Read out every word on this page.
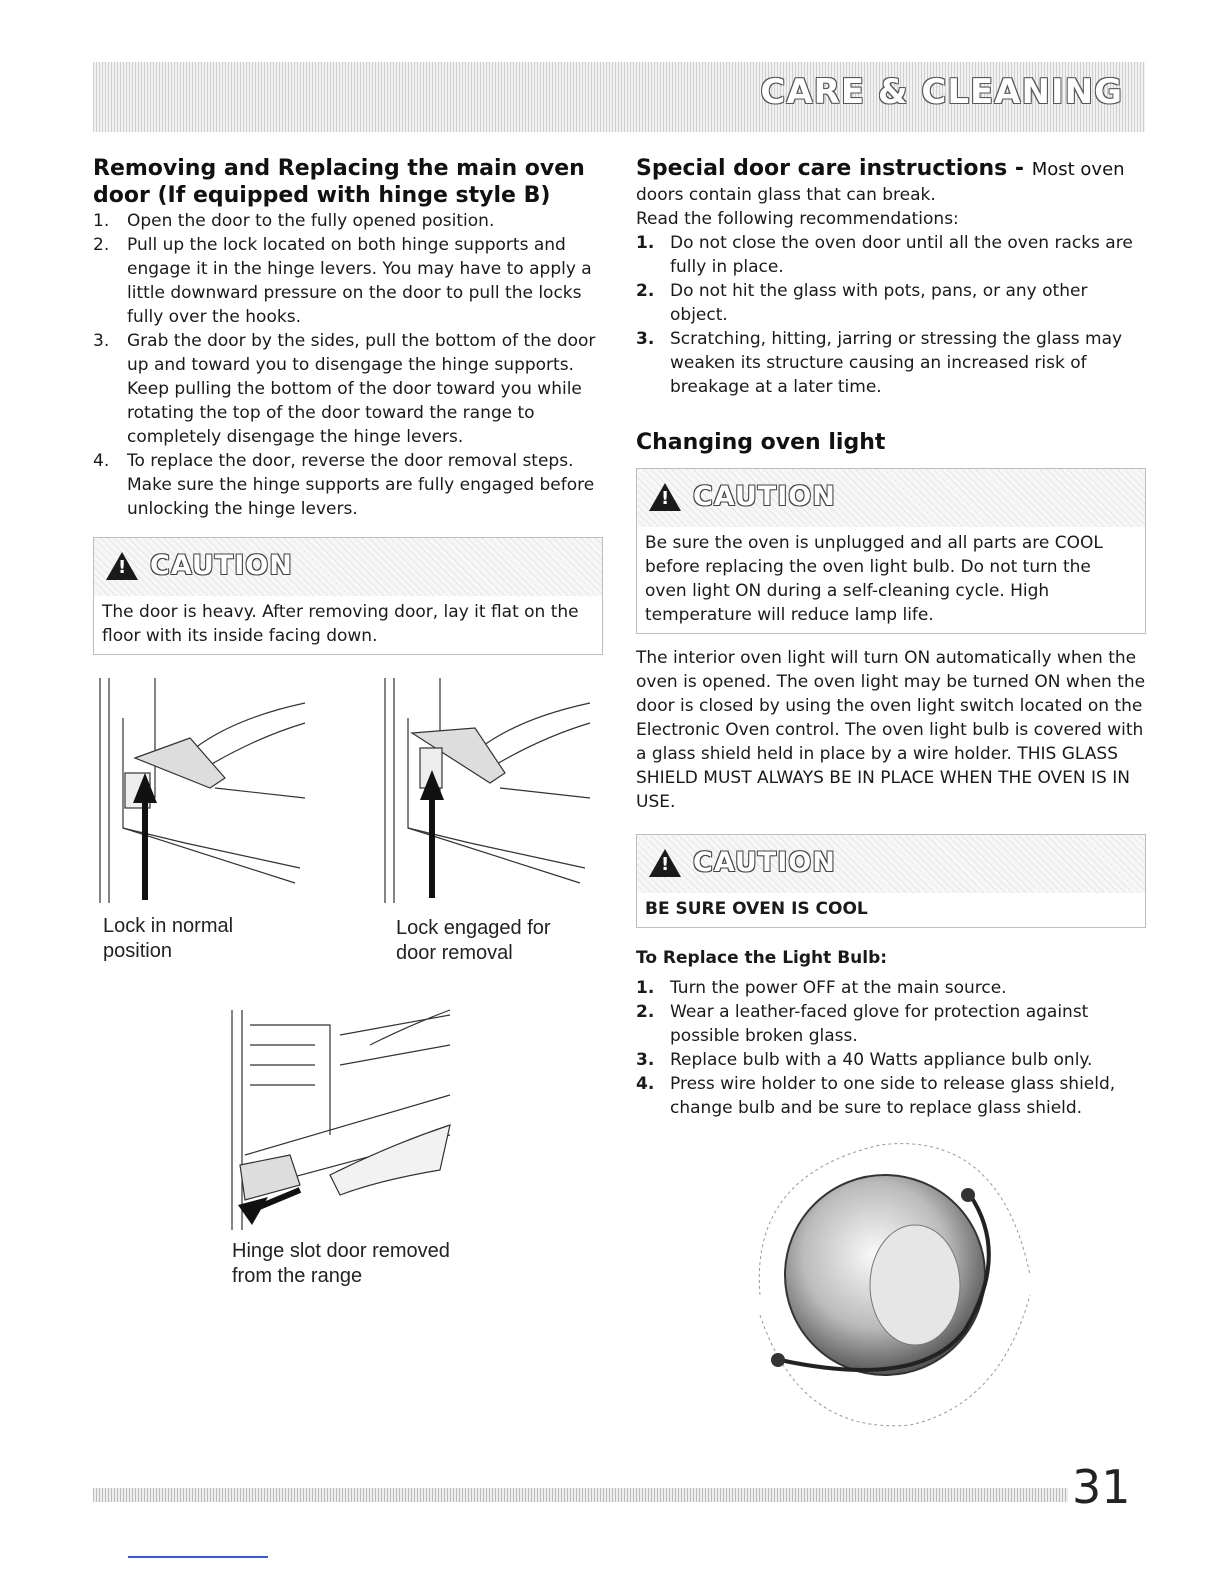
CARE & CLEANING
Removing and Replacing the main oven door (If equipped with hinge style B)
1.	Open the door to the fully opened position.
2.	Pull up the lock located on both hinge supports and engage it in the hinge levers. You may have to apply a little downward pressure on the door to pull the locks fully over the hooks.
3.	Grab the door by the sides, pull the bottom of the door up and toward you to disengage the hinge supports. Keep pulling the bottom of the door toward you while rotating the top of the door toward the range to completely disengage the hinge levers.
4.	To replace the door, reverse the door removal steps. Make sure the hinge supports are fully engaged before unlocking the hinge levers.
! CAUTION
The door is heavy. After removing door, lay it flat on the floor with its inside facing down.
Lock in normal position
Lock engaged for door removal
Hinge slot door removed from the range
Special door care instructions - Most oven

doors contain glass that can break.

Read the following recommendations:

1. Do not close the oven door until all the oven racks are fully in place.
2. Do not hit the glass with pots, pans, or any other object.
3. Scratching, hitting, jarring or stressing the glass may weaken its structure causing an increased risk of breakage at a later time.
Changing oven light
! CAUTION
Be sure the oven is unplugged and all parts are COOL before replacing the oven light bulb. Do not turn the oven light ON during a self-cleaning cycle. High temperature will reduce lamp life.

The interior oven light will turn ON automatically when the oven is opened. The oven light may be turned ON when the door is closed by using the oven light switch located on the Electronic Oven control. The oven light bulb is covered with a glass shield held in place by a wire holder. THIS GLASS SHIELD MUST ALWAYS BE IN PLACE WHEN THE OVEN IS IN USE.

! CAUTION
BE SURE OVEN IS COOL

To Replace the Light Bulb:

1. Turn the power OFF at the main source.
2. Wear a leather-faced glove for protection against possible broken glass.
3. Replace bulb with a 40 Watts appliance bulb only.
4. Press wire holder to one side to release glass shield, change bulb and be sure to replace glass shield.
31
